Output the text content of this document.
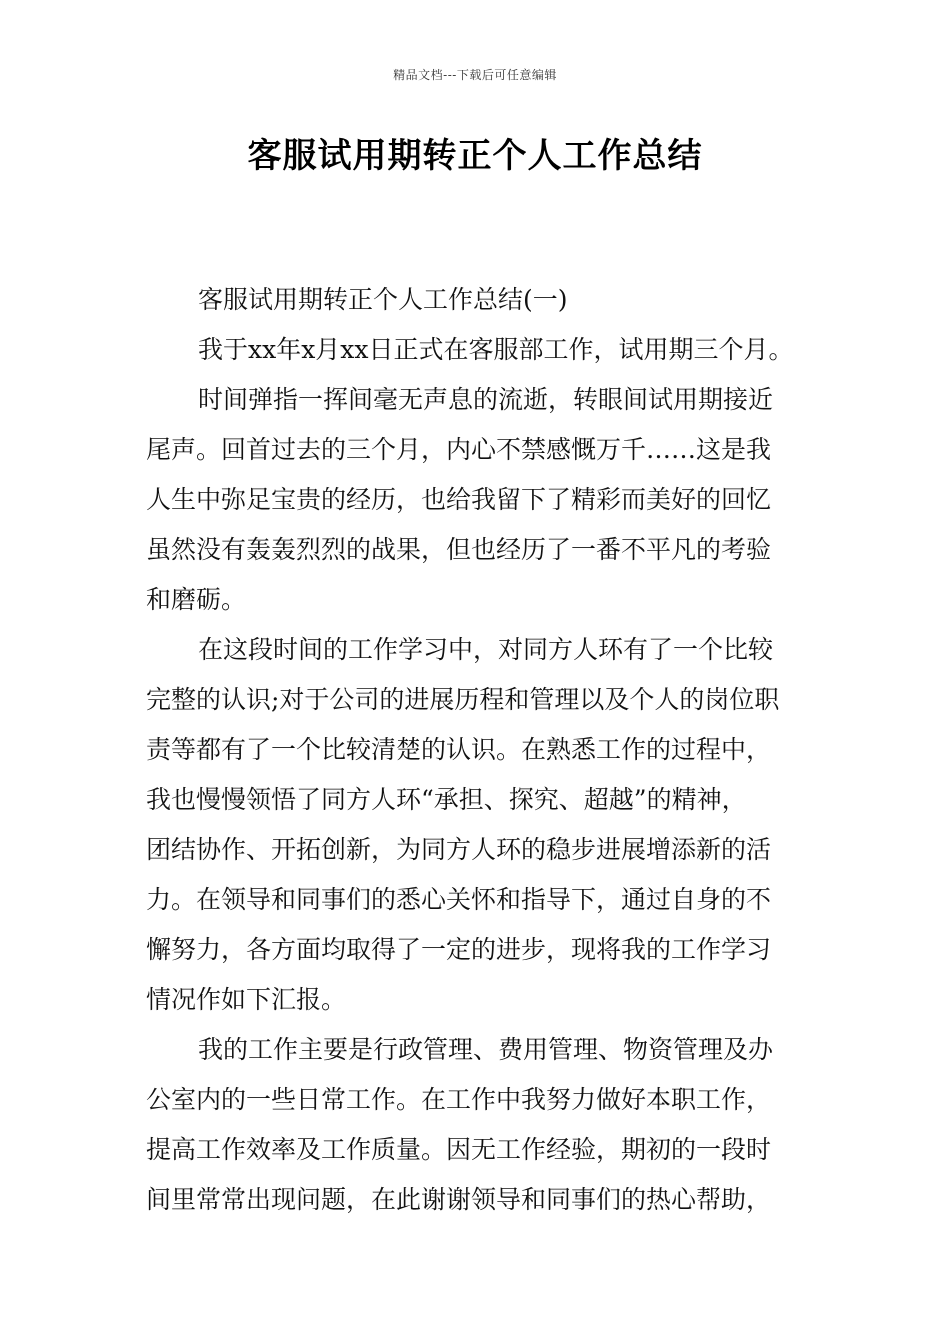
精品文档---下载后可任意编辑
客服试用期转正个人工作总结
客服试用期转正个人工作总结(一)
我于xx年x月xx日正式在客服部工作，试用期三个月。
时间弹指一挥间毫无声息的流逝，转眼间试用期接近
尾声。回首过去的三个月，内心不禁感慨万千……这是我
人生中弥足宝贵的经历，也给我留下了精彩而美好的回忆
虽然没有轰轰烈烈的战果，但也经历了一番不平凡的考验
和磨砺。
在这段时间的工作学习中，对同方人环有了一个比较
完整的认识;对于公司的进展历程和管理以及个人的岗位职
责等都有了一个比较清楚的认识。在熟悉工作的过程中，
我也慢慢领悟了同方人环“承担、探究、超越”的精神，
团结协作、开拓创新，为同方人环的稳步进展增添新的活
力。在领导和同事们的悉心关怀和指导下，通过自身的不
懈努力，各方面均取得了一定的进步，现将我的工作学习
情况作如下汇报。
我的工作主要是行政管理、费用管理、物资管理及办
公室内的一些日常工作。在工作中我努力做好本职工作，
提高工作效率及工作质量。因无工作经验，期初的一段时
间里常常出现问题，在此谢谢领导和同事们的热心帮助，
